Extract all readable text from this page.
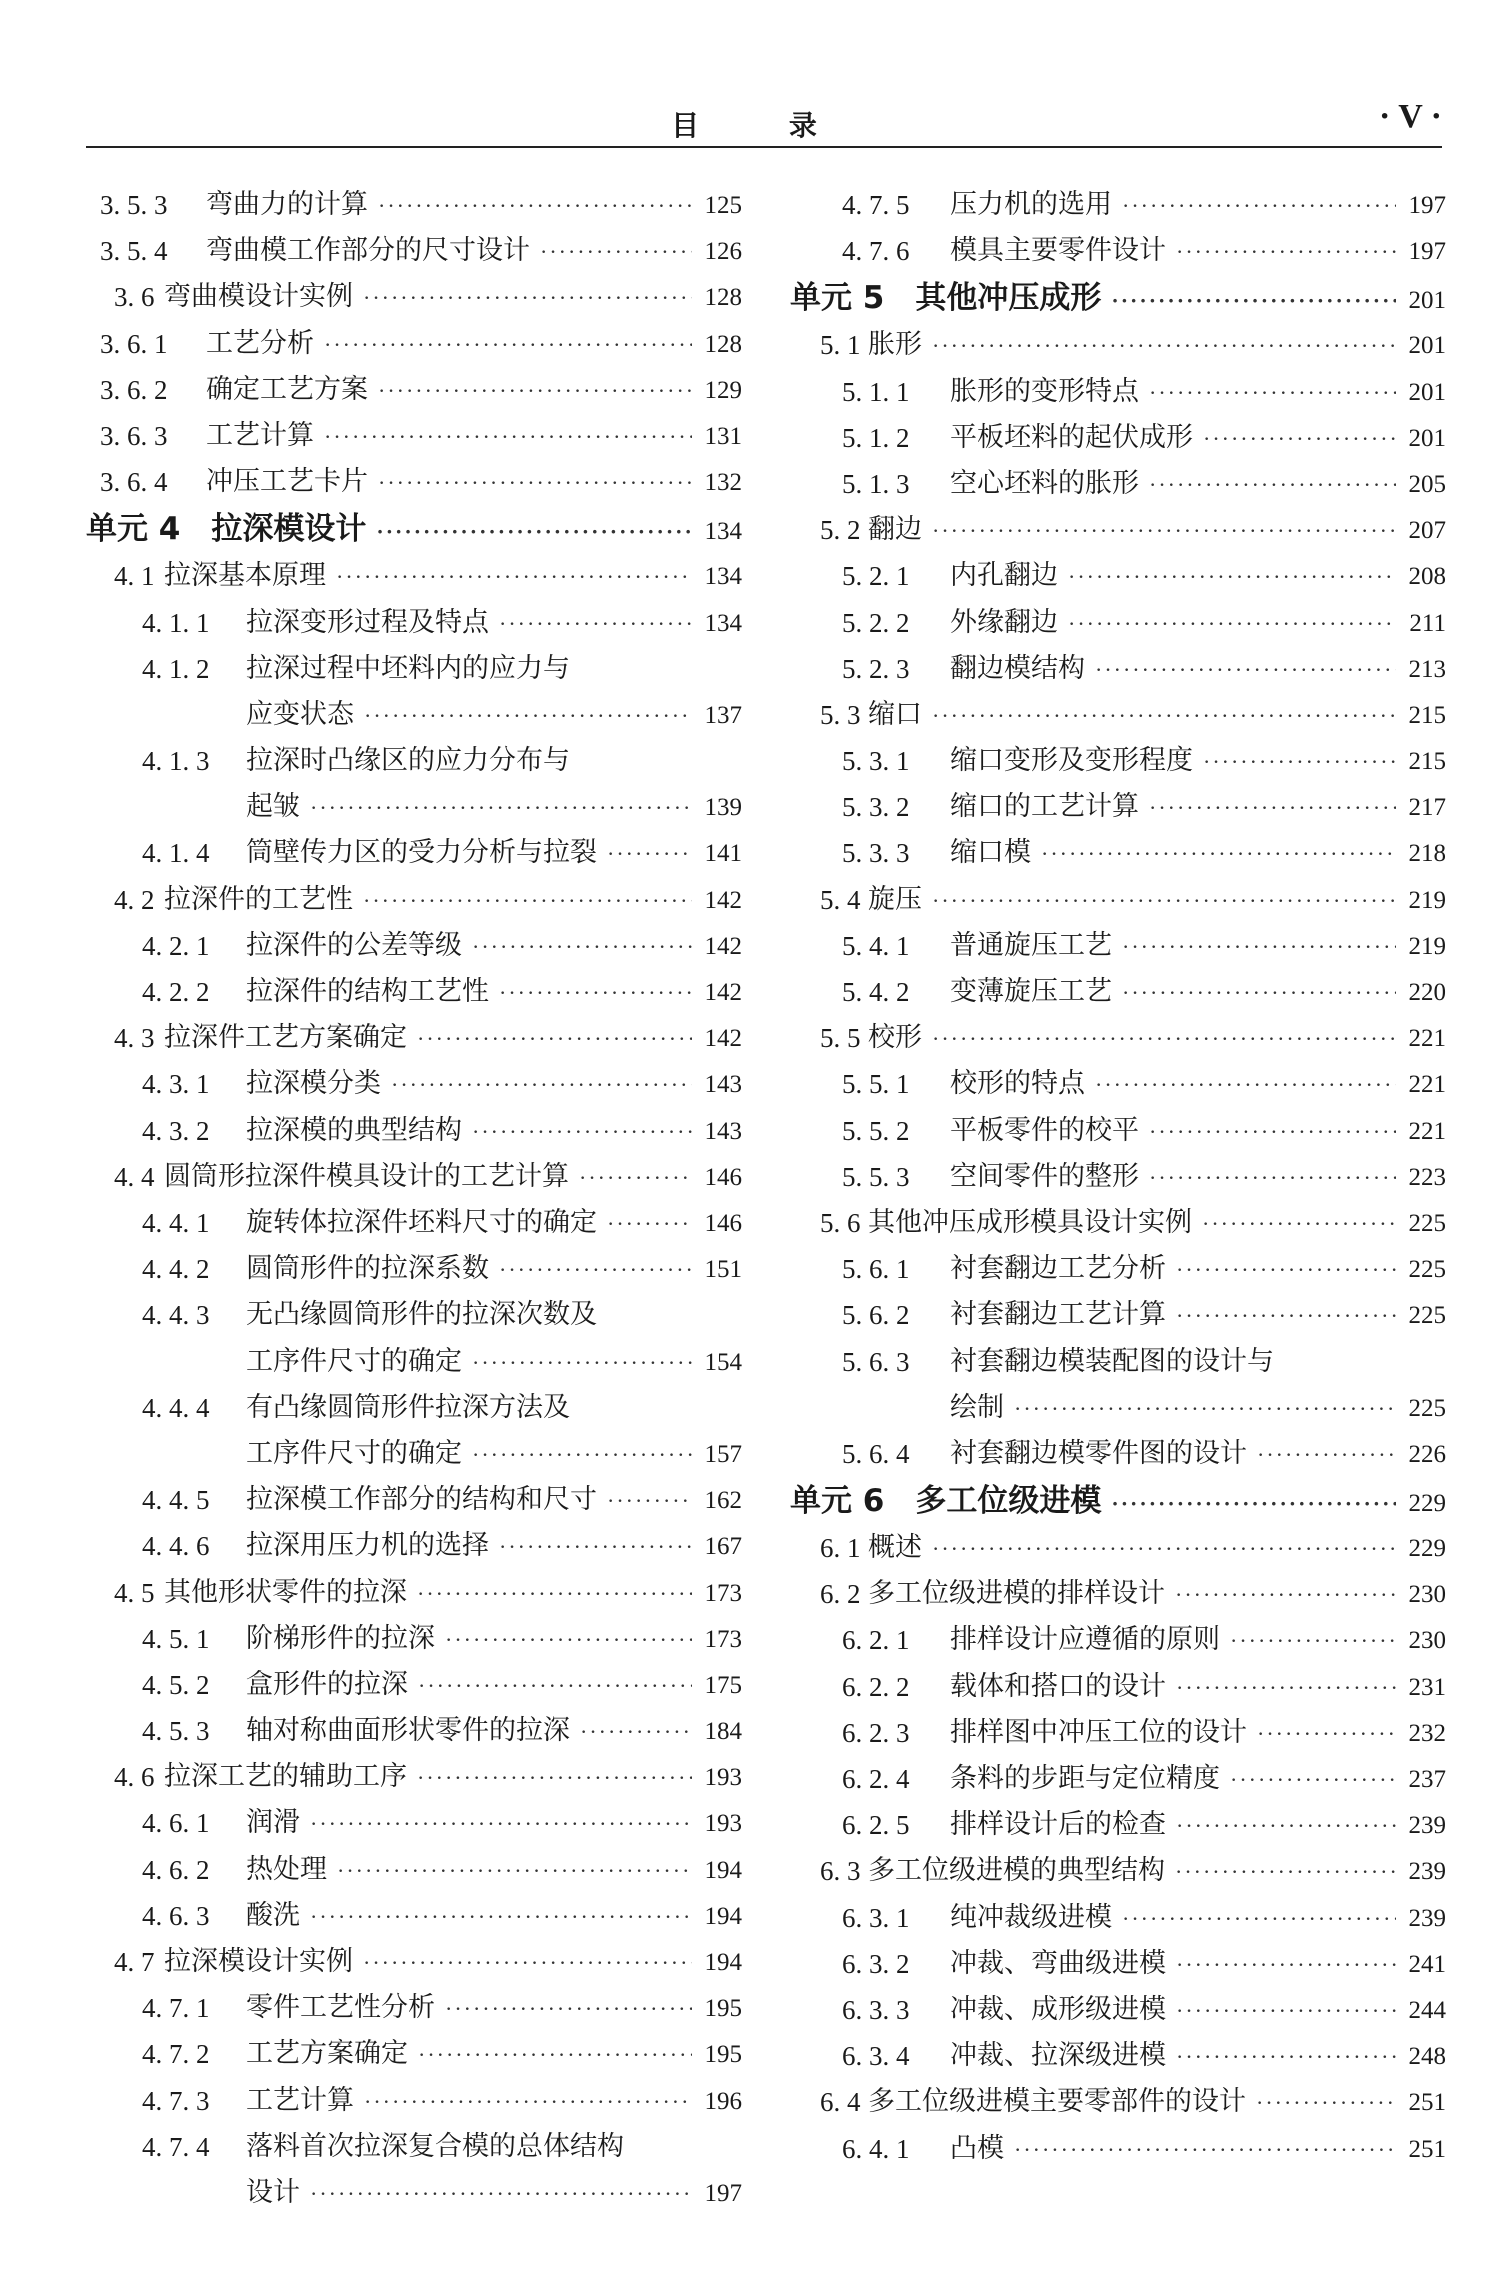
目 录	· V ·
3. 5. 3 弯曲力的计算 ·····	125
3. 5. 4 弯曲模工作部分的尺寸设计 ·····	126
3. 6 弯曲模设计实例 ·····	128
3. 6. 1 工艺分析 ·····	128
3. 6. 2 确定工艺方案 ·····	129
3. 6. 3 工艺计算 ·····	131
3. 6. 4 冲压工艺卡片 ·····	132
单元 4　拉深模设计 ·····	134
4. 1 拉深基本原理 ·····	134
4. 1. 1 拉深变形过程及特点 ·····	134
4. 1. 2 拉深过程中坯料内的应力与
应变状态 ·····	137
4. 1. 3 拉深时凸缘区的应力分布与
起皱 ·····	139
4. 1. 4 筒壁传力区的受力分析与拉裂 ·····	141
4. 2 拉深件的工艺性 ·····	142
4. 2. 1 拉深件的公差等级 ·····	142
4. 2. 2 拉深件的结构工艺性 ·····	142
4. 3 拉深件工艺方案确定 ·····	142
4. 3. 1 拉深模分类 ·····	143
4. 3. 2 拉深模的典型结构 ·····	143
4. 4 圆筒形拉深件模具设计的工艺计算 ·····	146
4. 4. 1 旋转体拉深件坯料尺寸的确定 ·····	146
4. 4. 2 圆筒形件的拉深系数 ·····	151
4. 4. 3 无凸缘圆筒形件的拉深次数及
工序件尺寸的确定 ·····	154
4. 4. 4 有凸缘圆筒形件拉深方法及
工序件尺寸的确定 ·····	157
4. 4. 5 拉深模工作部分的结构和尺寸 ·····	162
4. 4. 6 拉深用压力机的选择 ·····	167
4. 5 其他形状零件的拉深 ·····	173
4. 5. 1 阶梯形件的拉深 ·····	173
4. 5. 2 盒形件的拉深 ·····	175
4. 5. 3 轴对称曲面形状零件的拉深 ·····	184
4. 6 拉深工艺的辅助工序 ·····	193
4. 6. 1 润滑 ·····	193
4. 6. 2 热处理 ·····	194
4. 6. 3 酸洗 ·····	194
4. 7 拉深模设计实例 ·····	194
4. 7. 1 零件工艺性分析 ·····	195
4. 7. 2 工艺方案确定 ·····	195
4. 7. 3 工艺计算 ·····	196
4. 7. 4 落料首次拉深复合模的总体结构
设计 ·····	197
4. 7. 5 压力机的选用 ·····	197
4. 7. 6 模具主要零件设计 ·····	197
单元 5　其他冲压成形 ·····	201
5. 1 胀形 ·····	201
5. 1. 1 胀形的变形特点 ·····	201
5. 1. 2 平板坯料的起伏成形 ·····	201
5. 1. 3 空心坯料的胀形 ·····	205
5. 2 翻边 ·····	207
5. 2. 1 内孔翻边 ·····	208
5. 2. 2 外缘翻边 ·····	211
5. 2. 3 翻边模结构 ·····	213
5. 3 缩口 ·····	215
5. 3. 1 缩口变形及变形程度 ·····	215
5. 3. 2 缩口的工艺计算 ·····	217
5. 3. 3 缩口模 ·····	218
5. 4 旋压 ·····	219
5. 4. 1 普通旋压工艺 ·····	219
5. 4. 2 变薄旋压工艺 ·····	220
5. 5 校形 ·····	221
5. 5. 1 校形的特点 ·····	221
5. 5. 2 平板零件的校平 ·····	221
5. 5. 3 空间零件的整形 ·····	223
5. 6 其他冲压成形模具设计实例 ·····	225
5. 6. 1 衬套翻边工艺分析 ·····	225
5. 6. 2 衬套翻边工艺计算 ·····	225
5. 6. 3 衬套翻边模装配图的设计与
绘制 ·····	225
5. 6. 4 衬套翻边模零件图的设计 ·····	226
单元 6　多工位级进模 ·····	229
6. 1 概述 ·····	229
6. 2 多工位级进模的排样设计 ·····	230
6. 2. 1 排样设计应遵循的原则 ·····	230
6. 2. 2 载体和搭口的设计 ·····	231
6. 2. 3 排样图中冲压工位的设计 ·····	232
6. 2. 4 条料的步距与定位精度 ·····	237
6. 2. 5 排样设计后的检查 ·····	239
6. 3 多工位级进模的典型结构 ·····	239
6. 3. 1 纯冲裁级进模 ·····	239
6. 3. 2 冲裁、弯曲级进模 ·····	241
6. 3. 3 冲裁、成形级进模 ·····	244
6. 3. 4 冲裁、拉深级进模 ·····	248
6. 4 多工位级进模主要零部件的设计 ·····	251
6. 4. 1 凸模 ·····	251
